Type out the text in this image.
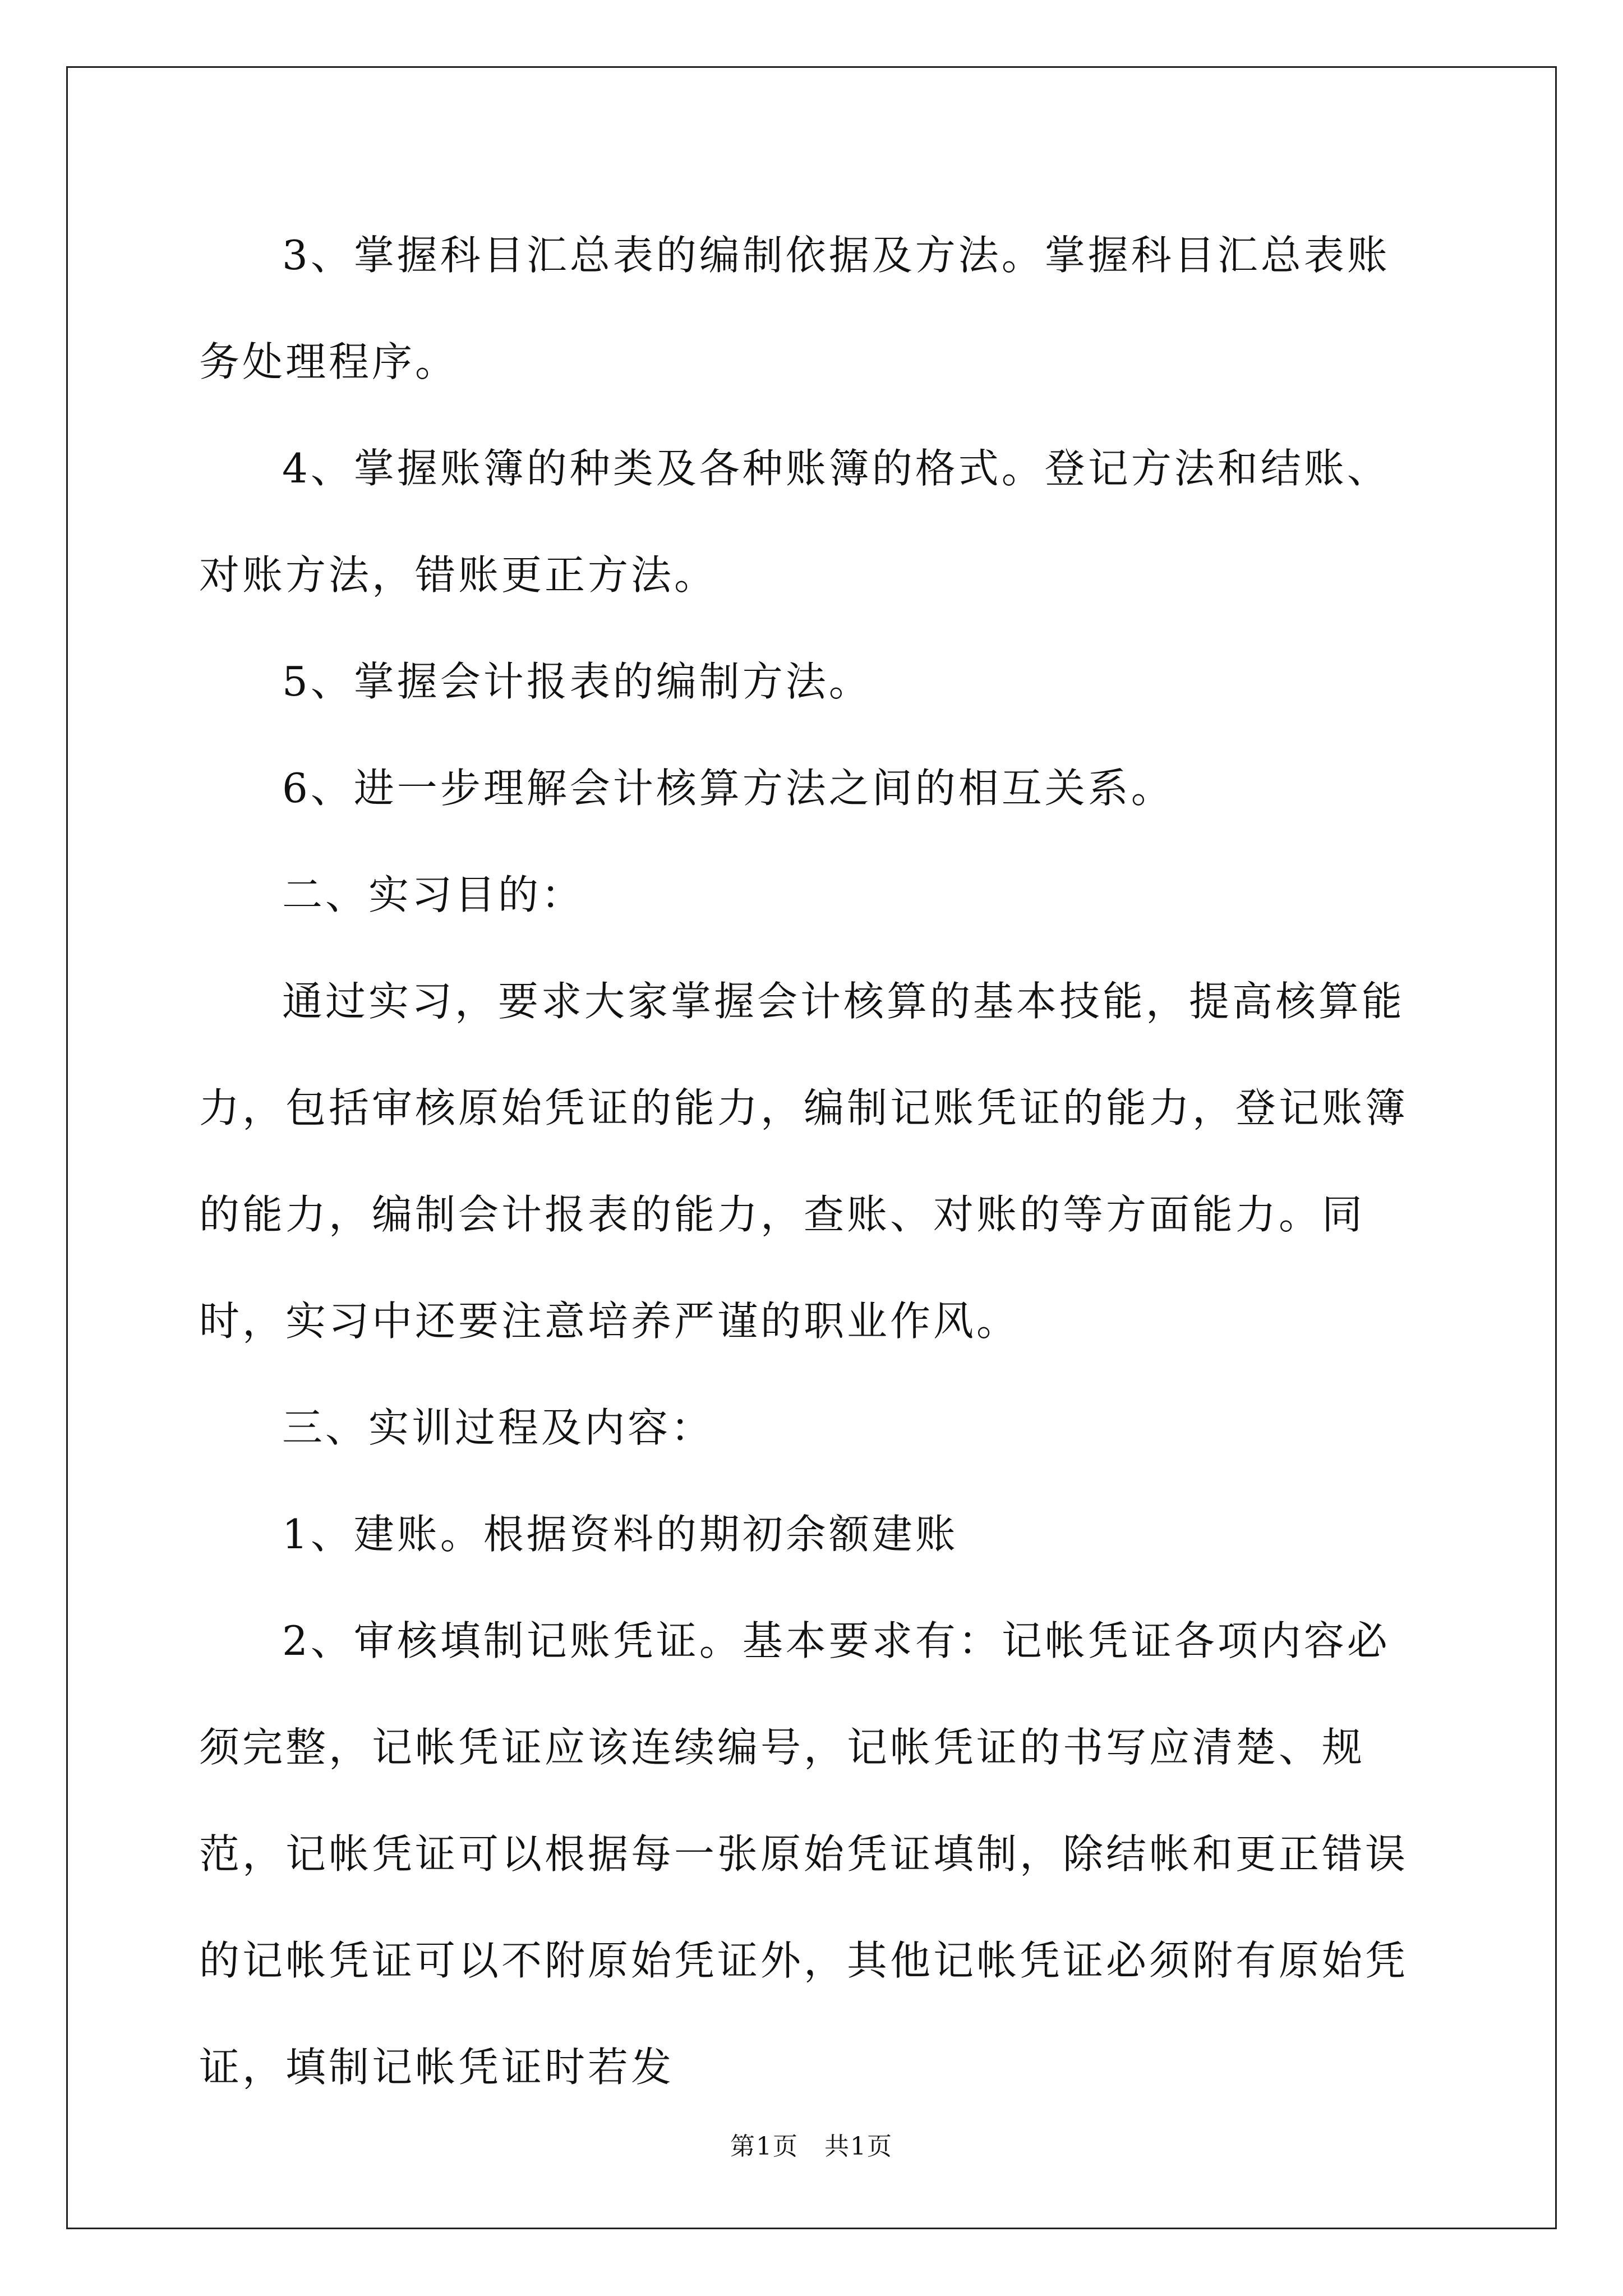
3、掌握科目汇总表的编制依据及方法。掌握科目汇总表账务处理程序。

4、掌握账簿的种类及各种账簿的格式。登记方法和结账、对账方法，错账更正方法。

5、掌握会计报表的编制方法。

6、进一步理解会计核算方法之间的相互关系。

二、实习目的：

通过实习，要求大家掌握会计核算的基本技能，提高核算能力，包括审核原始凭证的能力，编制记账凭证的能力，登记账簿的能力，编制会计报表的能力，查账、对账的等方面能力。同时，实习中还要注意培养严谨的职业作风。

三、实训过程及内容：

1、建账。根据资料的期初余额建账

2、审核填制记账凭证。基本要求有：记帐凭证各项内容必须完整，记帐凭证应该连续编号，记帐凭证的书写应清楚、规范，记帐凭证可以根据每一张原始凭证填制，除结帐和更正错误的记帐凭证可以不附原始凭证外，其他记帐凭证必须附有原始凭证，填制记帐凭证时若发

第1页　共1页
